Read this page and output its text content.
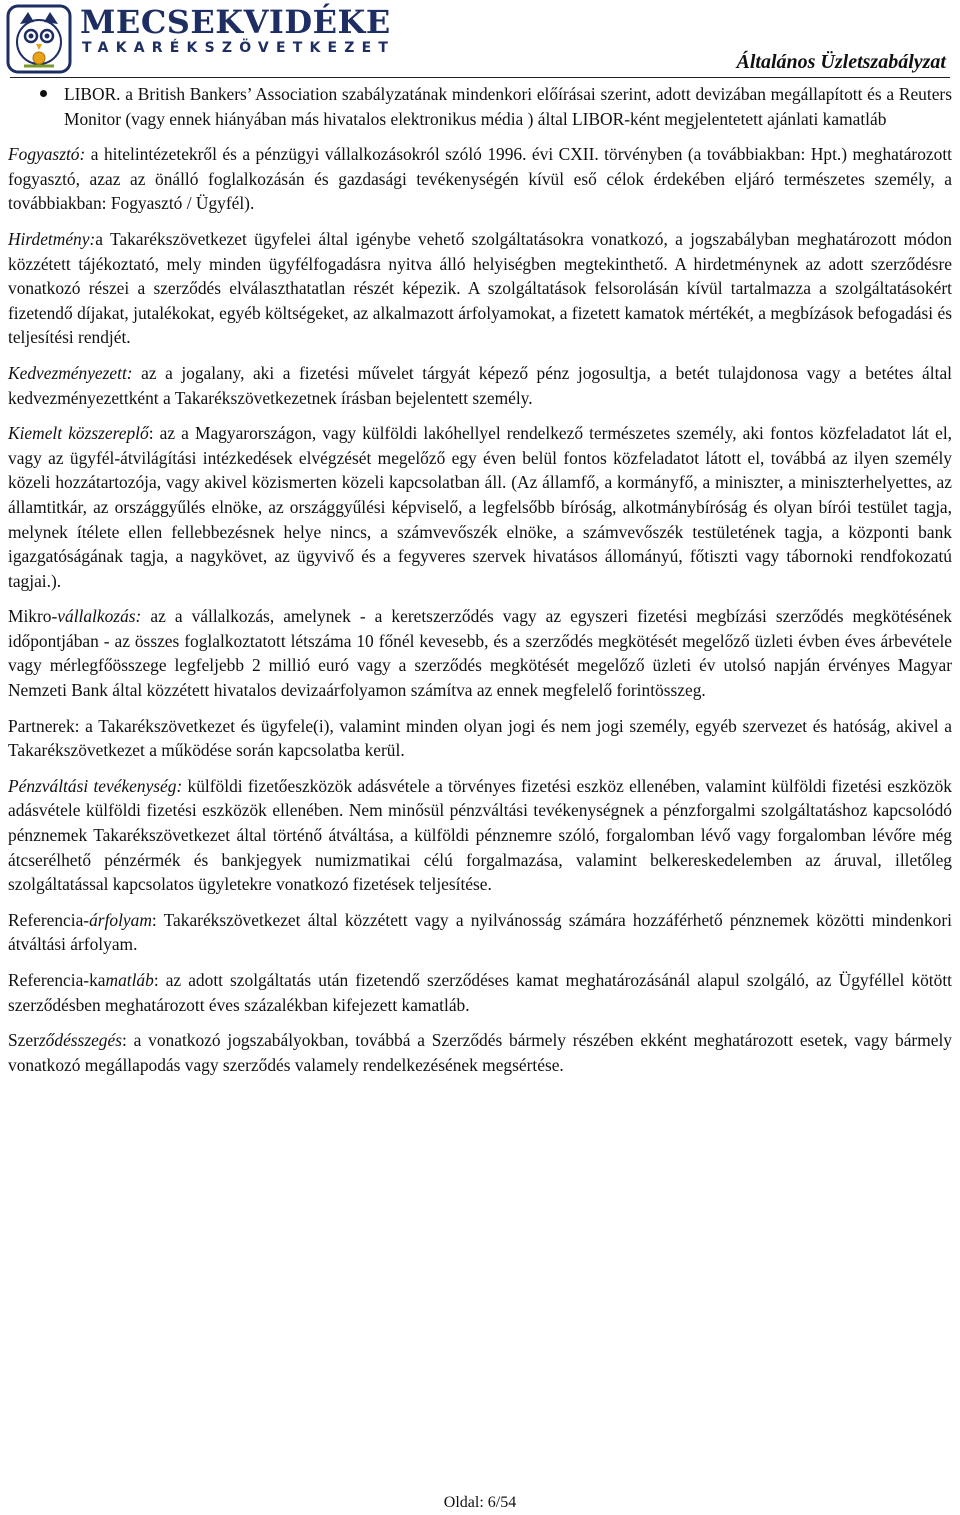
MECSEKVIDÉKE
TAKARÉKSZÖVETKEZET
Általános Üzletszabályzat

LIBOR. a British Bankers’ Association szabályzatának mindenkori előírásai szerint, adott devizában megállapított és a Reuters Monitor (vagy ennek hiányában más hivatalos elektronikus média ) által LIBOR-ként megjelentetett ajánlati kamatláb

Fogyasztó: a hitelintézetekről és a pénzügyi vállalkozásokról szóló 1996. évi CXII. törvényben (a továbbiakban: Hpt.) meghatározott fogyasztó, azaz az önálló foglalkozásán és gazdasági tevékenységén kívül eső célok érdekében eljáró természetes személy, a továbbiakban: Fogyasztó / Ügyfél).

Hirdetmény:a Takarékszövetkezet ügyfelei által igénybe vehető szolgáltatásokra vonatkozó, a jogszabályban meghatározott módon közzétett tájékoztató, mely minden ügyfélfogadásra nyitva álló helyiségben megtekinthető. A hirdetménynek az adott szerződésre vonatkozó részei a szerződés elválaszthatatlan részét képezik. A szolgáltatások felsorolásán kívül tartalmazza a szolgáltatásokért fizetendő díjakat, jutalékokat, egyéb költségeket, az alkalmazott árfolyamokat, a fizetett kamatok mértékét, a megbízások befogadási és teljesítési rendjét.

Kedvezményezett: az a jogalany, aki a fizetési művelet tárgyát képező pénz jogosultja, a betét tulajdonosa vagy a betétes által kedvezményezettként a Takarékszövetkezetnek írásban bejelentett személy.

Kiemelt közszereplő: az a Magyarországon, vagy külföldi lakóhellyel rendelkező természetes személy, aki fontos közfeladatot lát el, vagy az ügyfél-átvilágítási intézkedések elvégzését megelőző egy éven belül fontos közfeladatot látott el, továbbá az ilyen személy közeli hozzátartozója, vagy akivel közismerten közeli kapcsolatban áll. (Az államfő, a kormányfő, a miniszter, a miniszterhelyettes, az államtitkár, az országgyűlés elnöke, az országgyűlési képviselő, a legfelsőbb bíróság, alkotmánybíróság és olyan bírói testület tagja, melynek ítélete ellen fellebbezésnek helye nincs, a számvevőszék elnöke, a számvevőszék testületének tagja, a központi bank igazgatóságának tagja, a nagykövet, az ügyvivő és a fegyveres szervek hivatásos állományú, főtiszti vagy tábornoki rendfokozatú tagjai.).

Mikro-vállalkozás: az a vállalkozás, amelynek - a keretszerződés vagy az egyszeri fizetési megbízási szerződés megkötésének időpontjában - az összes foglalkoztatott létszáma 10 főnél kevesebb, és a szerződés megkötését megelőző üzleti évben éves árbevétele vagy mérlegfőösszege legfeljebb 2 millió euró vagy a szerződés megkötését megelőző üzleti év utolsó napján érvényes Magyar Nemzeti Bank által közzétett hivatalos devizaárfolyamon számítva az ennek megfelelő forintösszeg.

Partnerek: a Takarékszövetkezet és ügyfele(i), valamint minden olyan jogi és nem jogi személy, egyéb szervezet és hatóság, akivel a Takarékszövetkezet a működése során kapcsolatba kerül.

Pénzváltási tevékenység: külföldi fizetőeszközök adásvétele a törvényes fizetési eszköz ellenében, valamint külföldi fizetési eszközök adásvétele külföldi fizetési eszközök ellenében. Nem minősül pénzváltási tevékenységnek a pénzforgalmi szolgáltatáshoz kapcsolódó pénznemek Takarékszövetkezet által történő átváltása, a külföldi pénznemre szóló, forgalomban lévő vagy forgalomban lévőre még átcserélhető pénzérmék és bankjegyek numizmatikai célú forgalmazása, valamint belkereskedelemben az áruval, illetőleg szolgáltatással kapcsolatos ügyletekre vonatkozó fizetések teljesítése.

Referencia-árfolyam: Takarékszövetkezet által közzétett vagy a nyilvánosság számára hozzáférhető pénznemek közötti mindenkori átváltási árfolyam.

Referencia-kamatláb: az adott szolgáltatás után fizetendő szerződéses kamat meghatározásánál alapul szolgáló, az Ügyféllel kötött szerződésben meghatározott éves százalékban kifejezett kamatláb.

Szerződésszegés: a vonatkozó jogszabályokban, továbbá a Szerződés bármely részében ekként meghatározott esetek, vagy bármely vonatkozó megállapodás vagy szerződés valamely rendelkezésének megsértése.

Oldal: 6/54
